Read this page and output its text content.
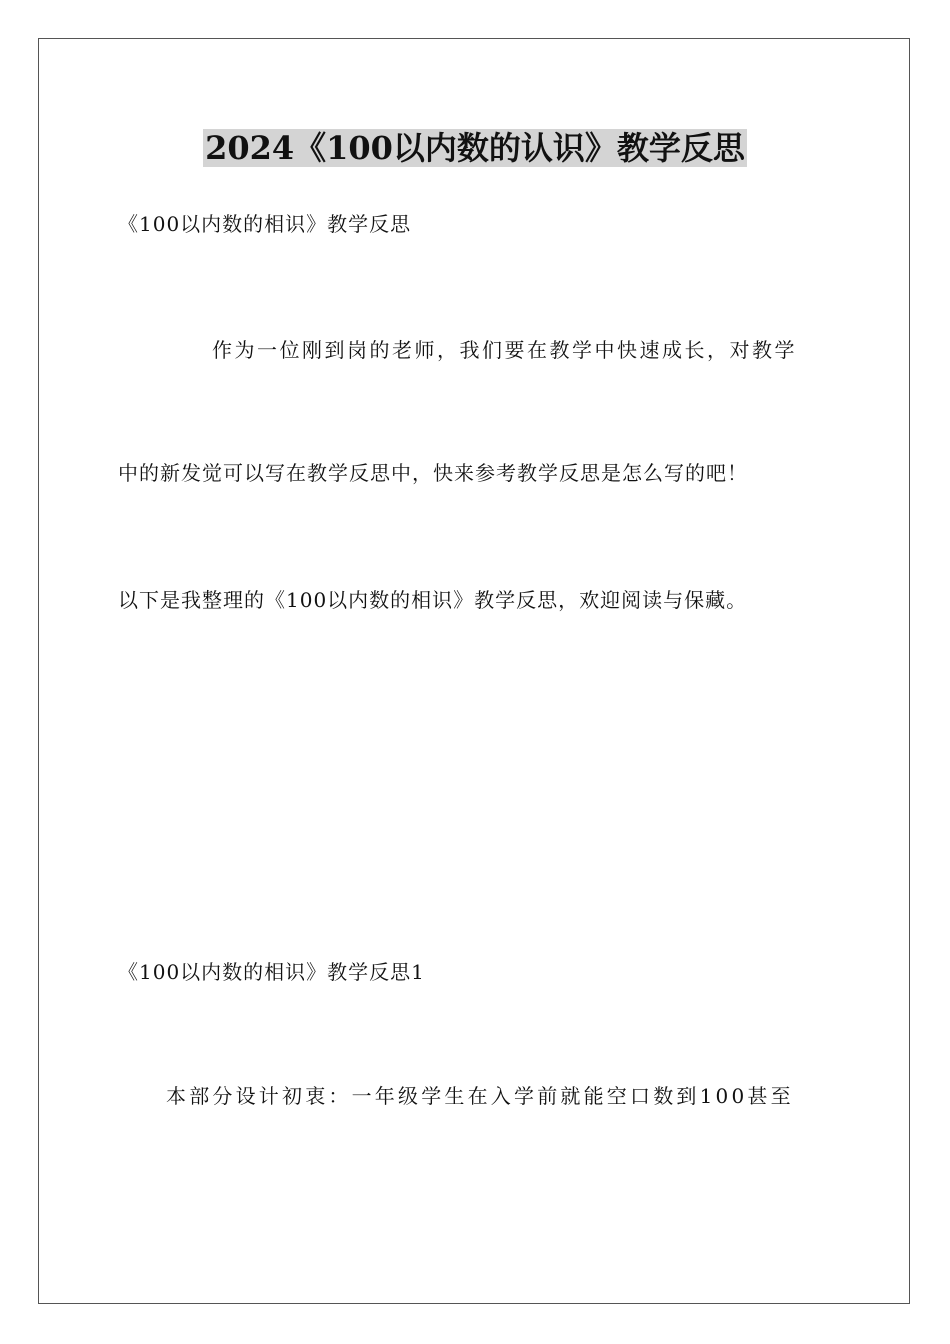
2024《100以内数的认识》教学反思
《100以内数的相识》教学反思
作为一位刚到岗的老师，我们要在教学中快速成长，对教学
中的新发觉可以写在教学反思中，快来参考教学反思是怎么写的吧！
以下是我整理的《100以内数的相识》教学反思，欢迎阅读与保藏。
《100以内数的相识》教学反思1
本部分设计初衷：一年级学生在入学前就能空口数到100甚至
